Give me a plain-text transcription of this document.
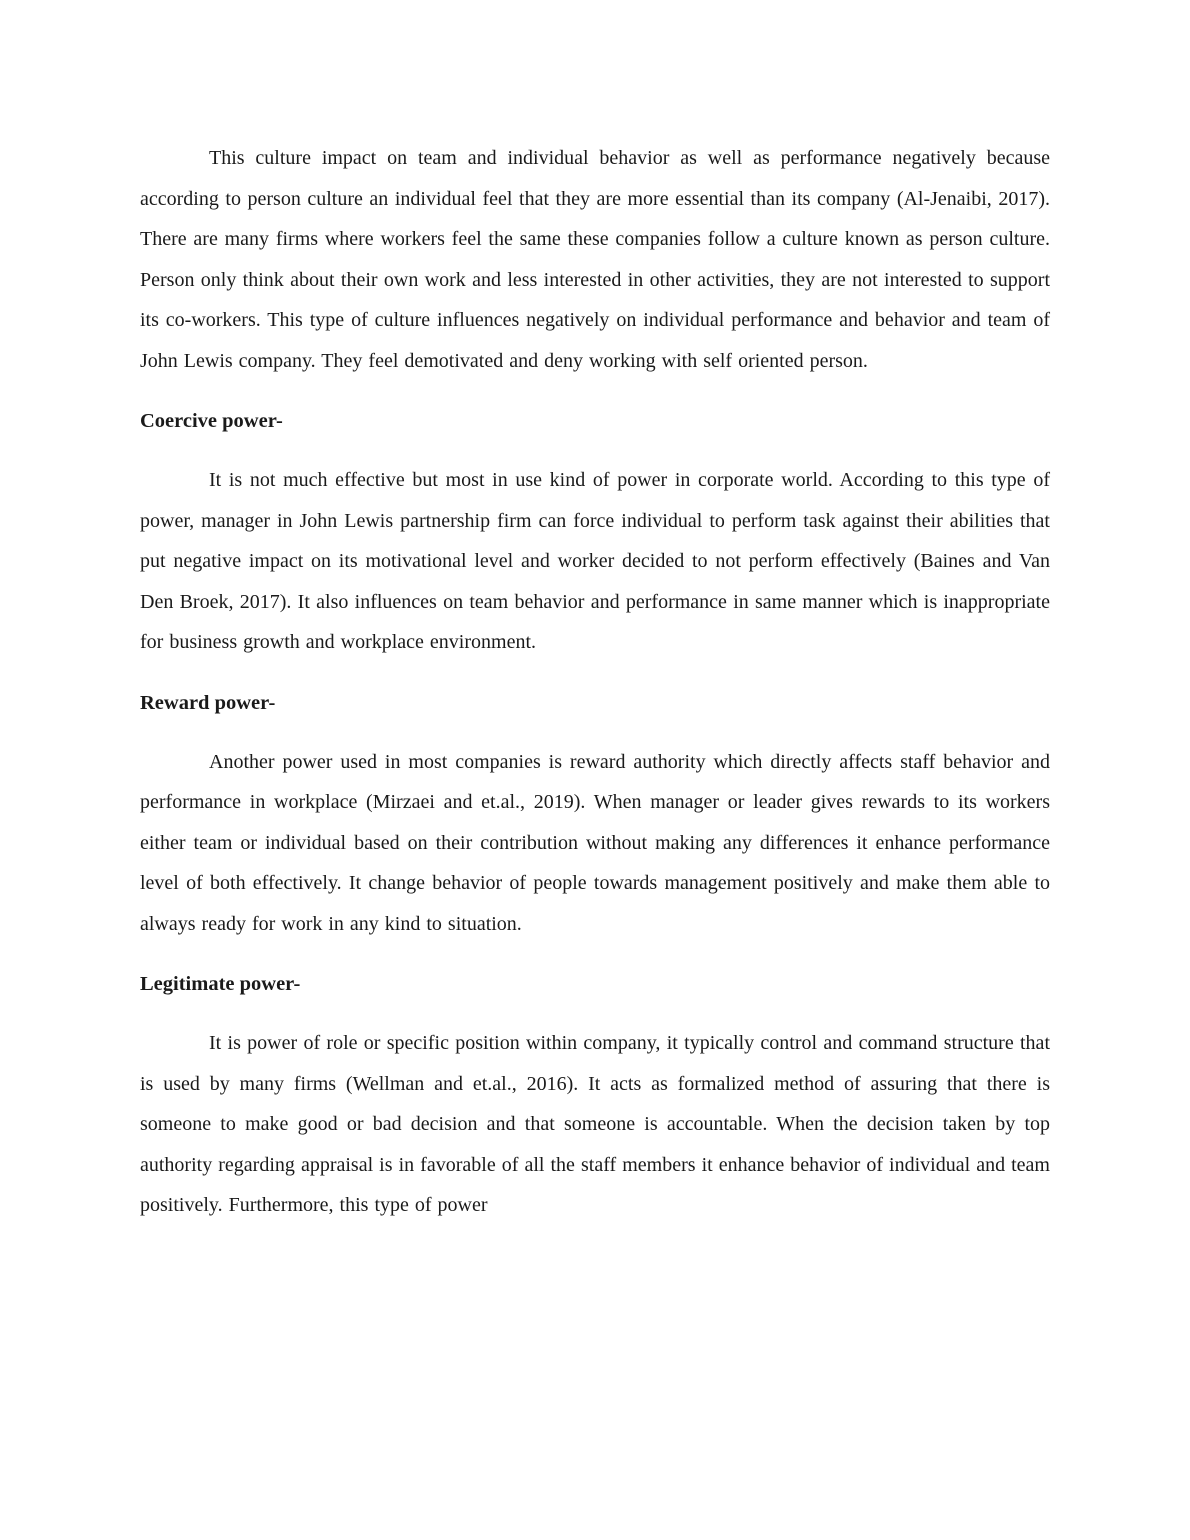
This culture impact on team and individual behavior as well as performance negatively because according to person culture an individual feel that they are more essential than its company (Al-Jenaibi, 2017). There are many firms where workers feel the same these companies follow a culture known as person culture. Person only think about their own work and less interested in other activities, they are not interested to support its co-workers. This type of culture influences negatively on individual performance and behavior and team of John Lewis company. They feel demotivated and deny working with self oriented person.

Coercive power-

It is not much effective but most in use kind of power in corporate world. According to this type of power, manager in John Lewis partnership firm can force individual to perform task against their abilities that put negative impact on its motivational level and worker decided to not perform effectively (Baines and Van Den Broek, 2017). It also influences on team behavior and performance in same manner which is inappropriate for business growth and workplace environment.

Reward power-

Another power used in most companies is reward authority which directly affects staff behavior and performance in workplace (Mirzaei and et.al., 2019). When manager or leader gives rewards to its workers either team or individual based on their contribution without making any differences it enhance performance level of both effectively. It change behavior of people towards management positively and make them able to always ready for work in any kind to situation.

Legitimate power-

It is power of role or specific position within company, it typically control and command structure that is used by many firms (Wellman and et.al., 2016). It acts as formalized method of assuring that there is someone to make good or bad decision and that someone is accountable. When the decision taken by top authority regarding appraisal is in favorable of all the staff members it enhance behavior of individual and team positively. Furthermore, this type of power
